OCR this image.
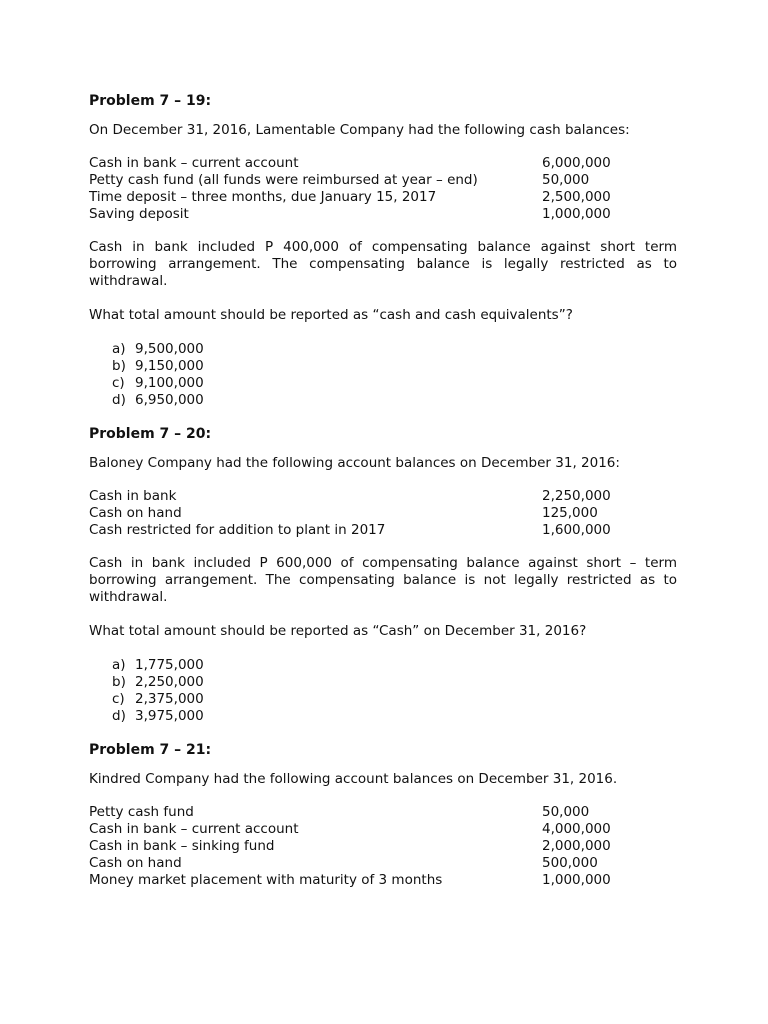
Problem 7 – 19:
On December 31, 2016, Lamentable Company had the following cash balances:
Cash in bank – current account	6,000,000
Petty cash fund (all funds were reimbursed at year – end)	50,000
Time deposit – three months, due January 15, 2017	2,500,000
Saving deposit	1,000,000
Cash in bank included P 400,000 of compensating balance against short term borrowing arrangement. The compensating balance is legally restricted as to withdrawal.
What total amount should be reported as “cash and cash equivalents”?
a) 9,500,000
b) 9,150,000
c) 9,100,000
d) 6,950,000
Problem 7 – 20:
Baloney Company had the following account balances on December 31, 2016:
Cash in bank	2,250,000
Cash on hand	125,000
Cash restricted for addition to plant in 2017	1,600,000
Cash in bank included P 600,000 of compensating balance against short – term borrowing arrangement. The compensating balance is not legally restricted as to withdrawal.
What total amount should be reported as “Cash” on December 31, 2016?
a) 1,775,000
b) 2,250,000
c) 2,375,000
d) 3,975,000
Problem 7 – 21:
Kindred Company had the following account balances on December 31, 2016.
Petty cash fund	50,000
Cash in bank – current account	4,000,000
Cash in bank – sinking fund	2,000,000
Cash on hand	500,000
Money market placement with maturity of 3 months	1,000,000
